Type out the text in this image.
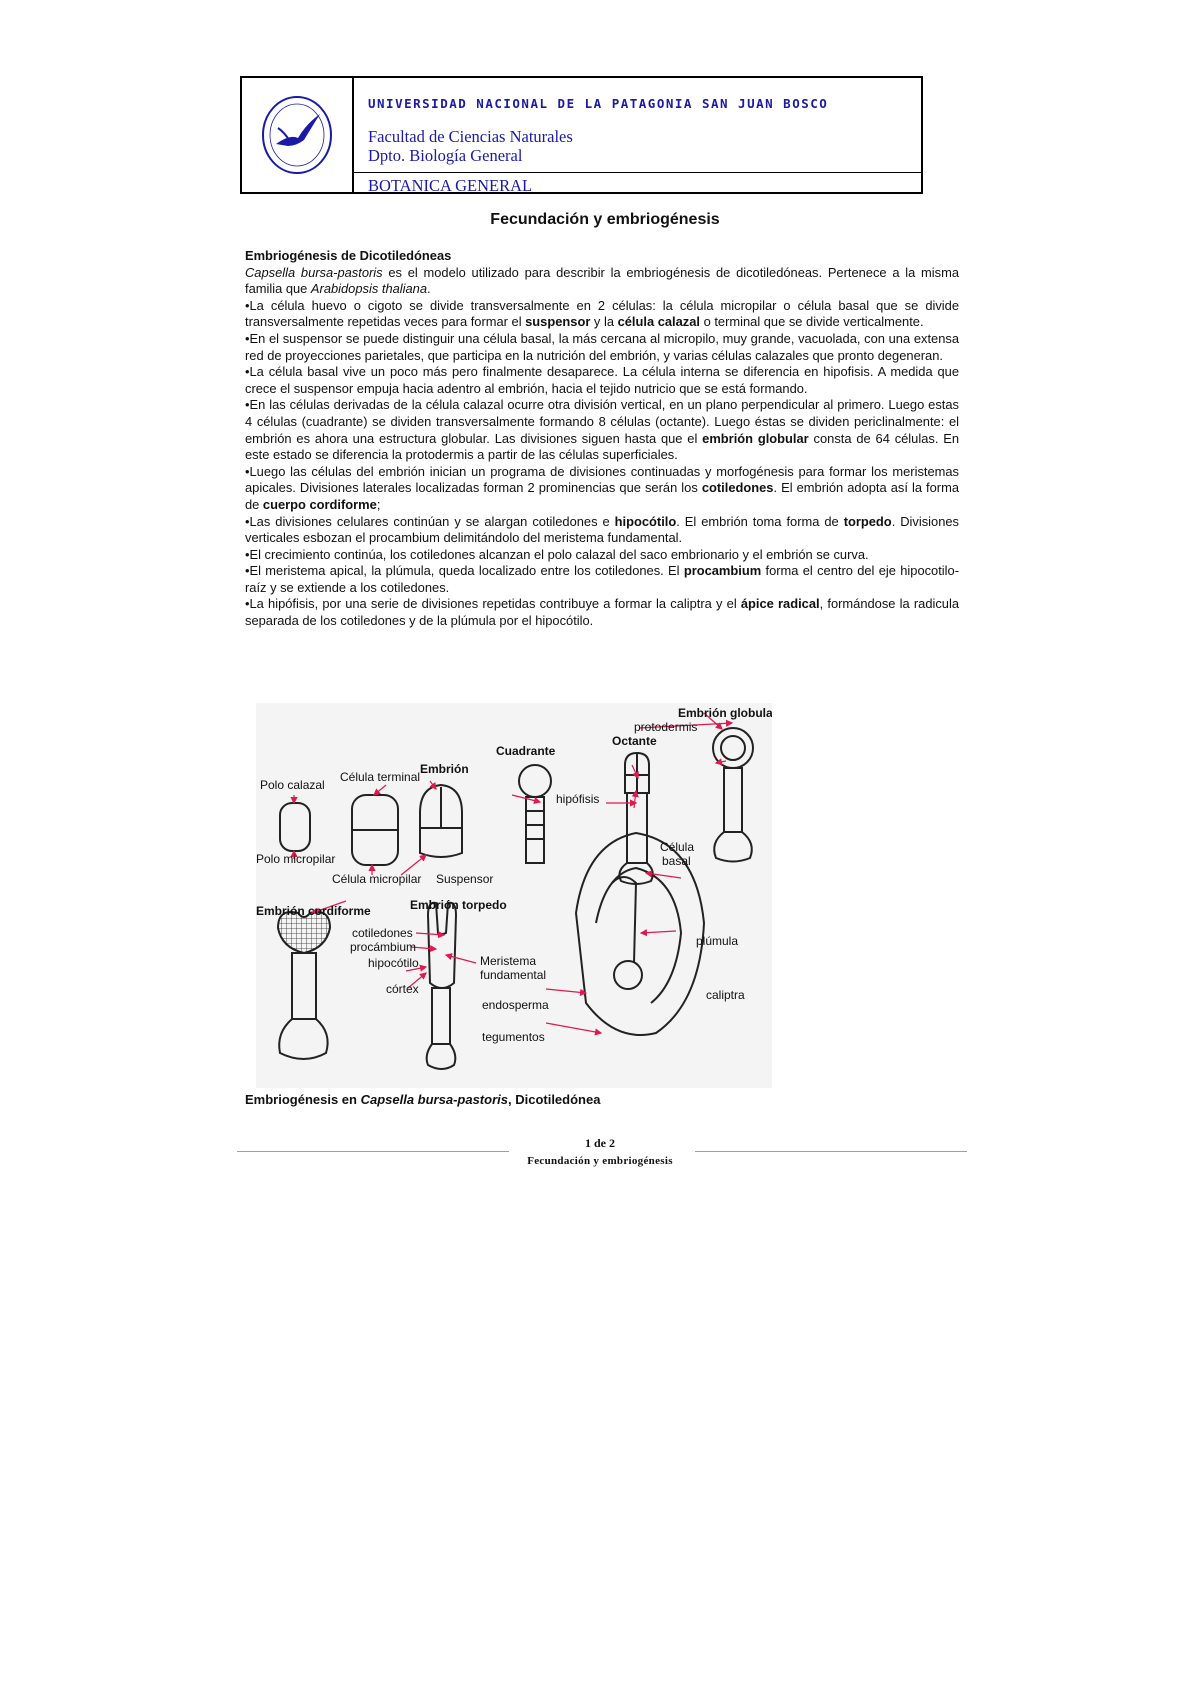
UNIVERSIDAD NACIONAL DE LA PATAGONIA SAN JUAN BOSCO
Facultad de Ciencias Naturales
Dpto. Biología General
BOTANICA GENERAL
Fecundación y embriogénesis

Embriogénesis de Dicotiledóneas

Capsella bursa-pastoris es el modelo utilizado para describir la embriogénesis de dicotiledóneas. Pertenece a la misma familia que Arabidopsis thaliana.

•La célula huevo o cigoto se divide transversalmente en 2 células: la célula micropilar o célula basal que se divide transversalmente repetidas veces para formar el suspensor y la célula calazal o terminal que se divide verticalmente.

•En el suspensor se puede distinguir una célula basal, la más cercana al micropilo, muy grande, vacuolada, con una extensa red de proyecciones parietales, que participa en la nutrición del embrión, y varias células calazales que pronto degeneran.

•La célula basal vive un poco más pero finalmente desaparece. La célula interna se diferencia en hipofisis. A medida que crece el suspensor empuja hacia adentro al embrión, hacia el tejido nutricio que se está formando.

•En las células derivadas de la célula calazal ocurre otra división vertical, en un plano perpendicular al primero. Luego estas 4 células (cuadrante) se dividen transversalmente formando 8 células (octante). Luego éstas se dividen periclinalmente: el embrión es ahora una estructura globular. Las divisiones siguen hasta que el embrión globular consta de 64 células. En este estado se diferencia la protodermis a partir de las células superficiales.

•Luego las células del embrión inician un programa de divisiones continuadas y morfogénesis para formar los meristemas apicales. Divisiones laterales localizadas forman 2 prominencias que serán los cotiledones. El embrión adopta así la forma de cuerpo cordiforme;

•Las divisiones celulares continúan y se alargan cotiledones e hipocótilo. El embrión toma forma de torpedo. Divisiones verticales esbozan el procambium delimitándolo del meristema fundamental.

•El crecimiento continúa, los cotiledones alcanzan el polo calazal del saco embrionario y el embrión se curva.

•El meristema apical, la plúmula, queda localizado entre los cotiledones. El procambium forma el centro del eje hipocotilo-raíz y se extiende a los cotiledones.

•La hipófisis, por una serie de divisiones repetidas contribuye a formar la caliptra y el ápice radical, formándose la radicula separada de los cotiledones y de la plúmula por el hipocótilo.

Polo calazal
Célula terminal
Embrión
Cuadrante
Octante
Embrión globular
protodermis
hipófisis
Polo micropilar
Célula micropilar Suspensor
Célula
basal
Embrión cordiforme	Embrión torpedo
cotiledones
procámbium
hipocótilo
córtex
Meristema
fundamental
endosperma
tegumentos
plúmula
caliptra
Embriogénesis en Capsella bursa-pastoris, Dicotiledónea
1 de 2
Fecundación y embriogénesis
